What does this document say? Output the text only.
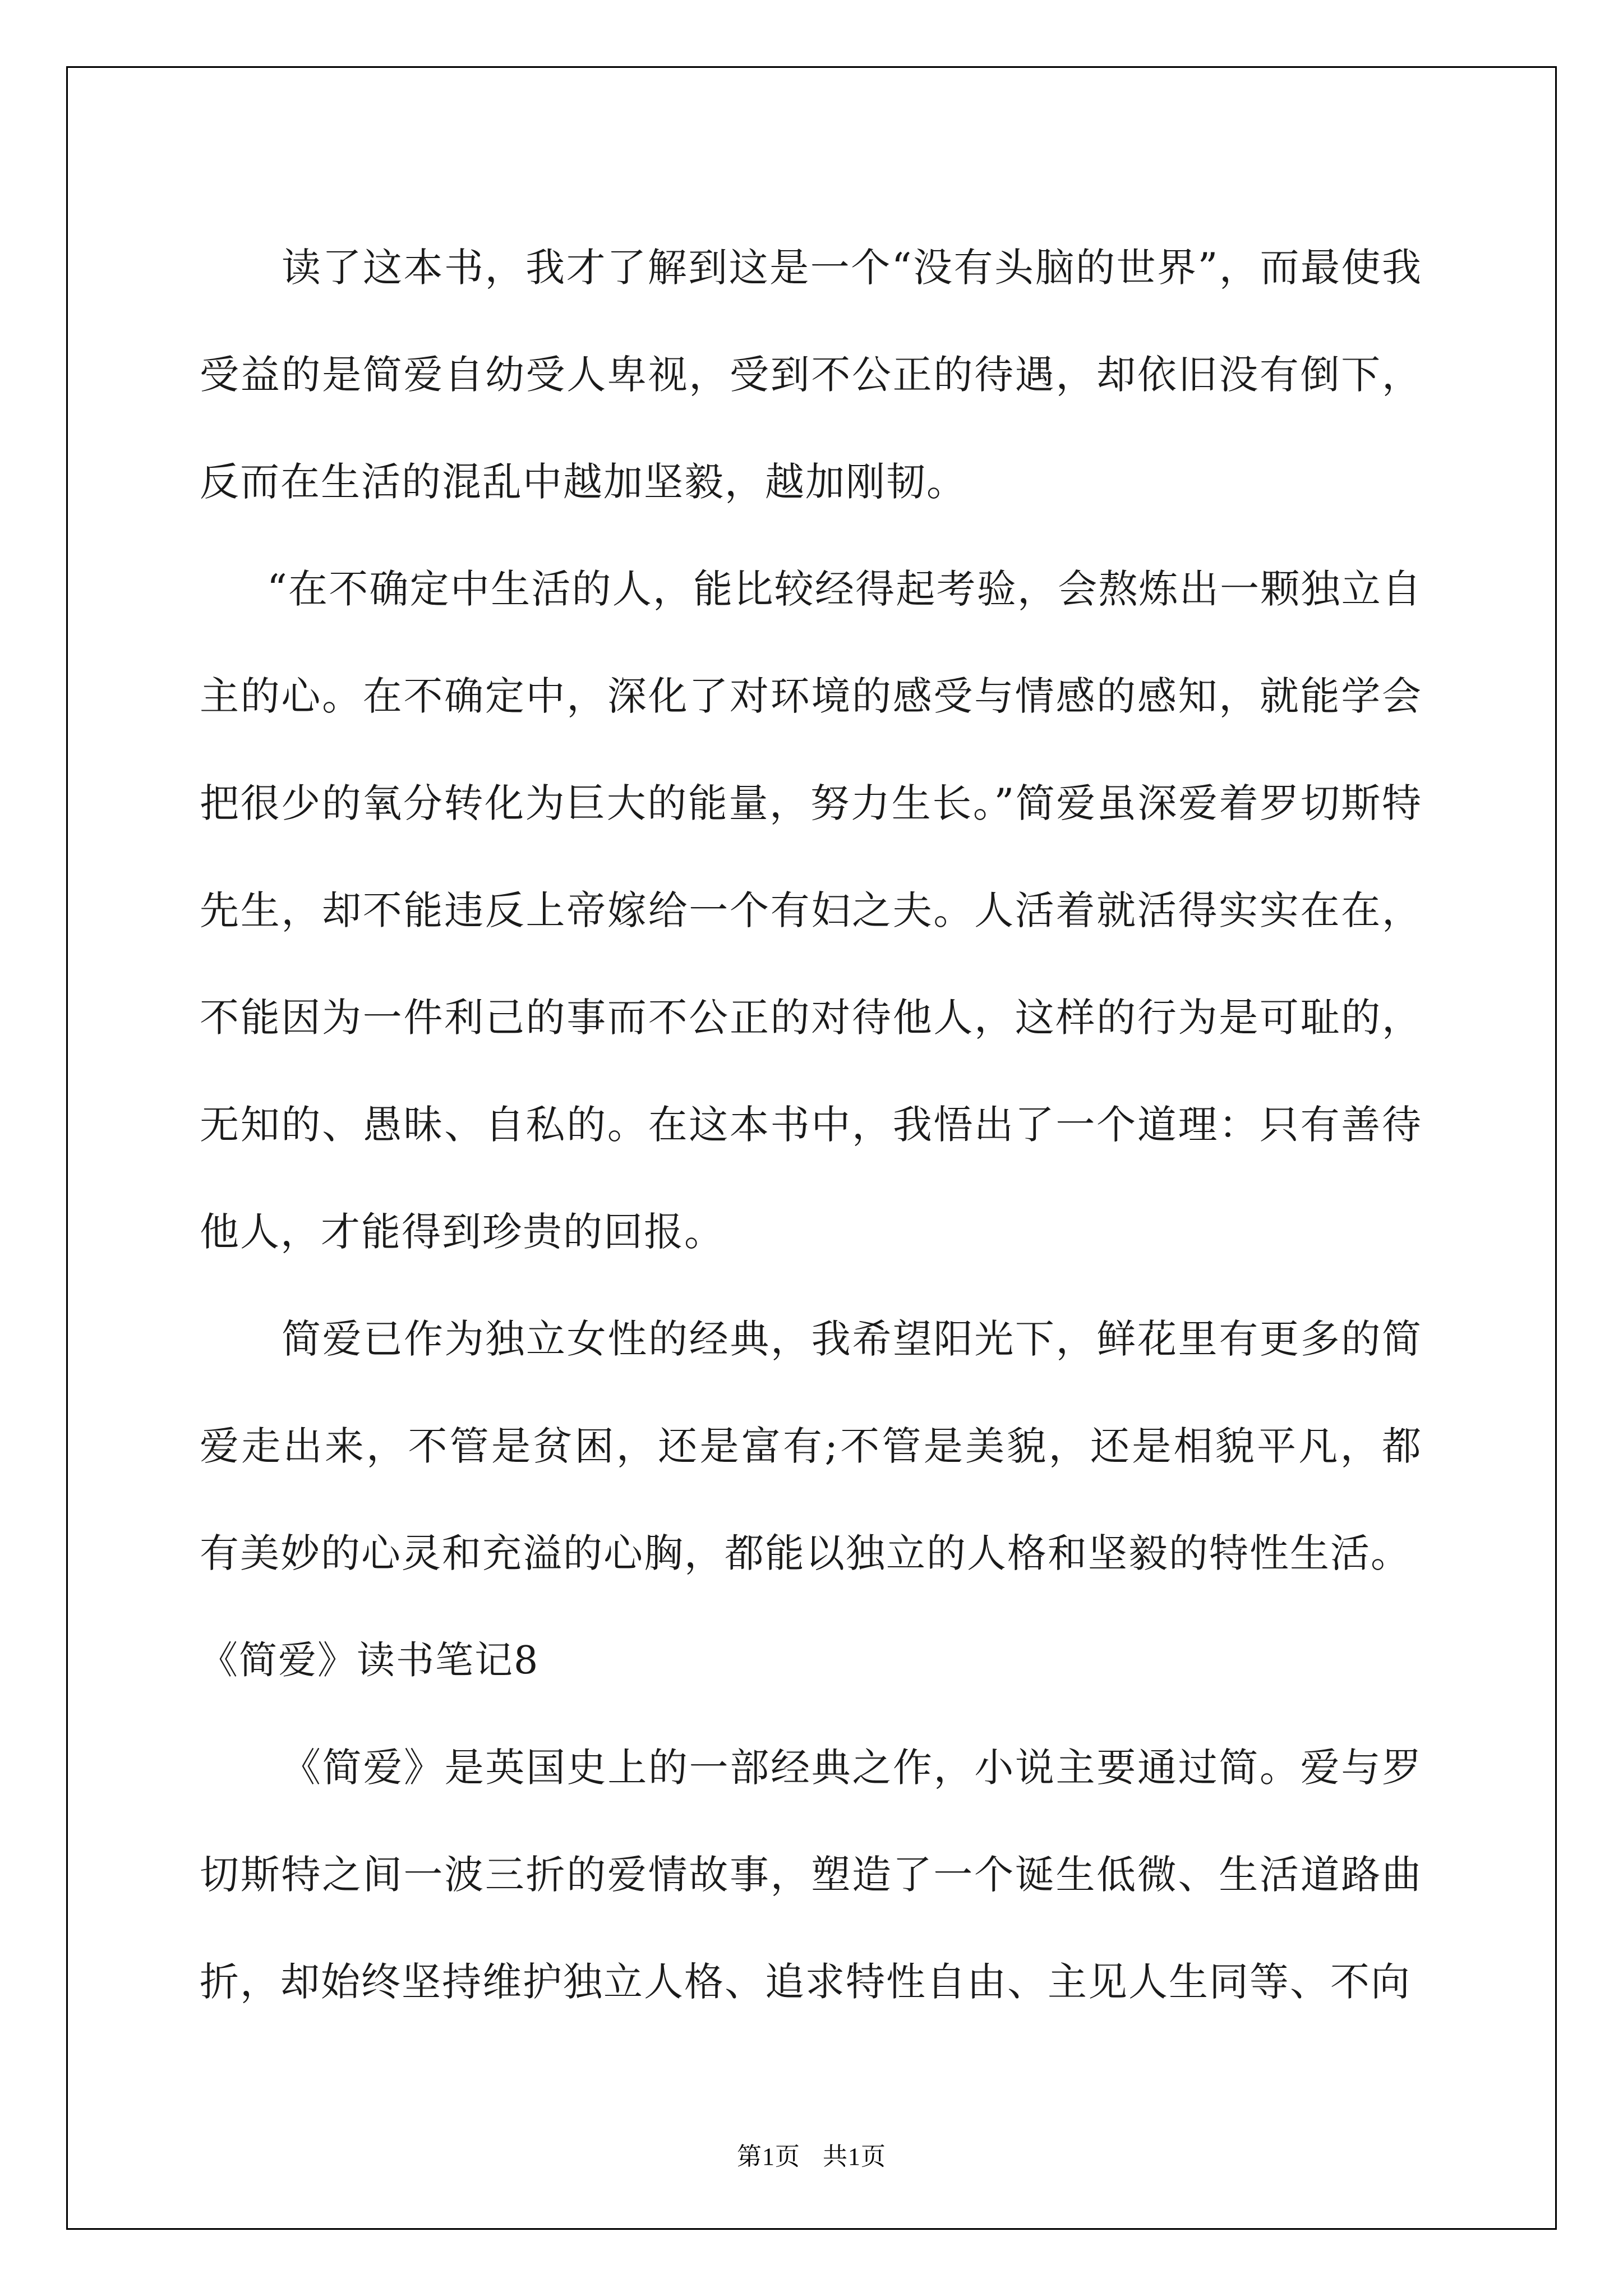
读了这本书，我才了解到这是一个“没有头脑的世界”，而最使我受益的是简爱自幼受人卑视，受到不公正的待遇，却依旧没有倒下，反而在生活的混乱中越加坚毅，越加刚韧。

“在不确定中生活的人，能比较经得起考验，会熬炼出一颗独立自主的心。在不确定中，深化了对环境的感受与情感的感知，就能学会把很少的氧分转化为巨大的能量，努力生长。”简爱虽深爱着罗切斯特先生，却不能违反上帝嫁给一个有妇之夫。人活着就活得实实在在，不能因为一件利己的事而不公正的对待他人，这样的行为是可耻的，无知的、愚昧、自私的。在这本书中，我悟出了一个道理：只有善待他人，才能得到珍贵的回报。

简爱已作为独立女性的经典，我希望阳光下，鲜花里有更多的简爱走出来，不管是贫困，还是富有;不管是美貌，还是相貌平凡，都有美妙的心灵和充溢的心胸，都能以独立的人格和坚毅的特性生活。

《简爱》读书笔记8

《简爱》是英国史上的一部经典之作，小说主要通过简。爱与罗切斯特之间一波三折的爱情故事，塑造了一个诞生低微、生活道路曲折，却始终坚持维护独立人格、追求特性自由、主见人生同等、不向

第1页 共1页
